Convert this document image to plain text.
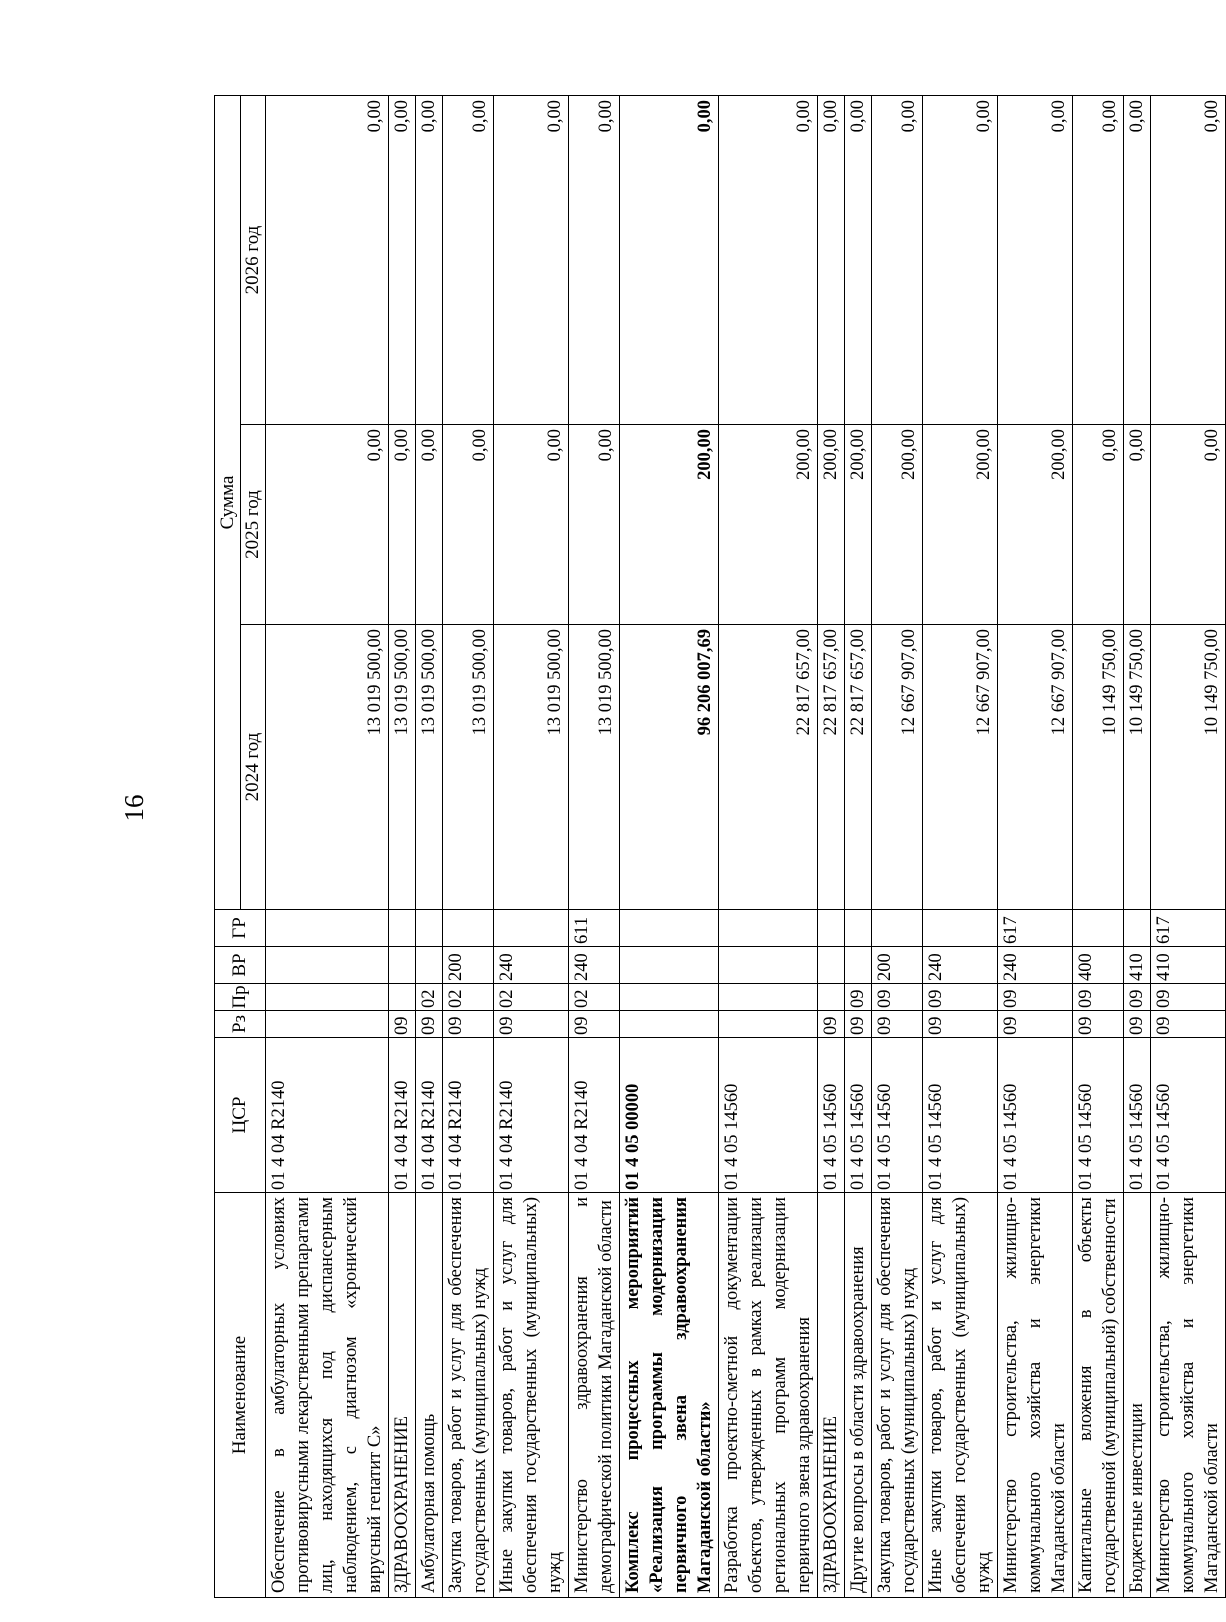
16
Наименование	ЦСР	Рз	Пр	ВР	ГР	Сумма		
						2024 год	2025 год	2026 год
Обеспечение в амбулаторных условиях противовирусными лекарственными препаратами лиц, находящихся под диспансерным наблюдением, с диагнозом «хронический вирусный гепатит С»	01 4 04 R2140					13 019 500,00	0,00	0,00
ЗДРАВООХРАНЕНИЕ	01 4 04 R2140	09				13 019 500,00	0,00	0,00
Амбулаторная помощь	01 4 04 R2140	09	02			13 019 500,00	0,00	0,00
Закупка товаров, работ и услуг для обеспечения государственных (муниципальных) нужд	01 4 04 R2140	09	02	200		13 019 500,00	0,00	0,00
Иные закупки товаров, работ и услуг для обеспечения государственных (муниципальных) нужд	01 4 04 R2140	09	02	240		13 019 500,00	0,00	0,00
Министерство здравоохранения и демографической политики Магаданской области	01 4 04 R2140	09	02	240	611	13 019 500,00	0,00	0,00
Комплекс процессных мероприятий «Реализация программы модернизации первичного звена здравоохранения Магаданской области»	01 4 05 00000					96 206 007,69	200,00	0,00
Разработка проектно-сметной документации объектов, утвержденных в рамках реализации региональных программ модернизации первичного звена здравоохранения	01 4 05 14560					22 817 657,00	200,00	0,00
ЗДРАВООХРАНЕНИЕ	01 4 05 14560	09				22 817 657,00	200,00	0,00
Другие вопросы в области здравоохранения	01 4 05 14560	09	09			22 817 657,00	200,00	0,00
Закупка товаров, работ и услуг для обеспечения государственных (муниципальных) нужд	01 4 05 14560	09	09	200		12 667 907,00	200,00	0,00
Иные закупки товаров, работ и услуг для обеспечения государственных (муниципальных) нужд	01 4 05 14560	09	09	240		12 667 907,00	200,00	0,00
Министерство строительства, жилищно-коммунального хозяйства и энергетики Магаданской области	01 4 05 14560	09	09	240	617	12 667 907,00	200,00	0,00
Капитальные вложения в объекты государственной (муниципальной) собственности	01 4 05 14560	09	09	400		10 149 750,00	0,00	0,00
Бюджетные инвестиции	01 4 05 14560	09	09	410		10 149 750,00	0,00	0,00
Министерство строительства, жилищно-коммунального хозяйства и энергетики Магаданской области	01 4 05 14560	09	09	410	617	10 149 750,00	0,00	0,00
